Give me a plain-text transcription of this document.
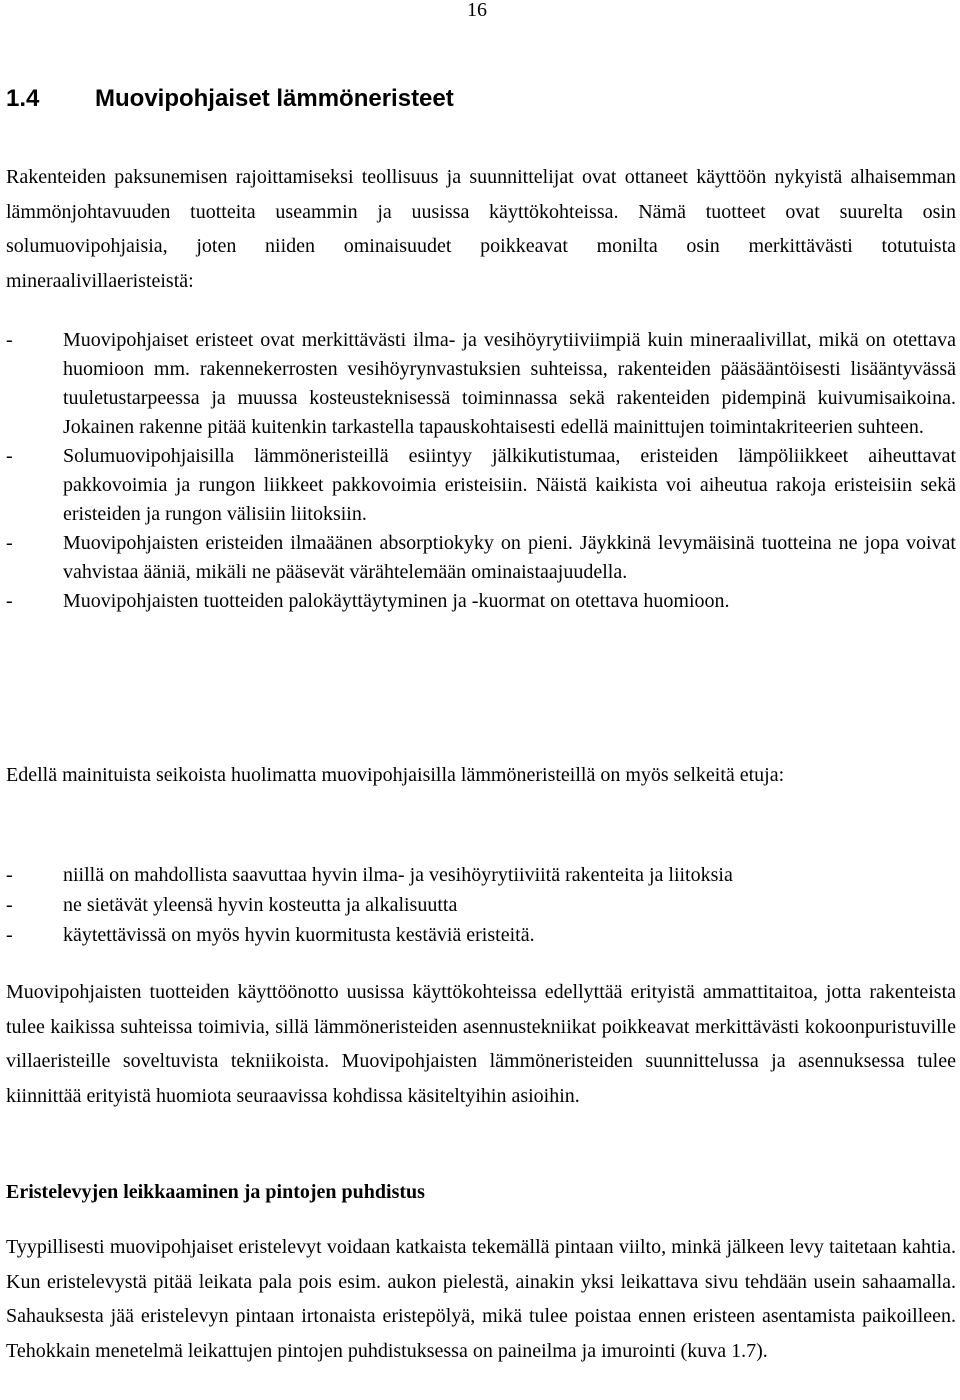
16
1.4 Muovipohjaiset lämmöneristeet

Rakenteiden paksunemisen rajoittamiseksi teollisuus ja suunnittelijat ovat ottaneet käyttöön nykyistä alhaisemman lämmönjohtavuuden tuotteita useammin ja uusissa käyttökohteissa. Nämä tuotteet ovat suurelta osin solumuovipohjaisia, joten niiden ominaisuudet poikkeavat monilta osin merkittävästi totutuista mineraalivillaeristeistä:

-	Muovipohjaiset eristeet ovat merkittävästi ilma- ja vesihöyrytiiviimpiä kuin mineraalivillat, mikä on otettava huomioon mm. rakennekerrosten vesihöyrynvastuksien suhteissa, rakenteiden pääsääntöisesti lisääntyvässä tuuletustarpeessa ja muussa kosteusteknisessä toiminnassa sekä rakenteiden pidempinä kuivumisaikoina. Jokainen rakenne pitää kuitenkin tarkastella tapauskohtaisesti edellä mainittujen toimintakriteerien suhteen.
-	Solumuovipohjaisilla lämmöneristeillä esiintyy jälkikutistumaa, eristeiden lämpöliikkeet aiheuttavat pakkovoimia ja rungon liikkeet pakkovoimia eristeisiin. Näistä kaikista voi aiheutua rakoja eristeisiin sekä eristeiden ja rungon välisiin liitoksiin.
-	Muovipohjaisten eristeiden ilmaäänen absorptiokyky on pieni. Jäykkinä levymäisinä tuotteina ne jopa voivat vahvistaa ääniä, mikäli ne pääsevät värähtelemään ominaistaajuudella.
-	Muovipohjaisten tuotteiden palokäyttäytyminen ja -kuormat on otettava huomioon.

Edellä mainituista seikoista huolimatta muovipohjaisilla lämmöneristeillä on myös selkeitä etuja:

-	niillä on mahdollista saavuttaa hyvin ilma- ja vesihöyrytiiviitä rakenteita ja liitoksia
-	ne sietävät yleensä hyvin kosteutta ja alkalisuutta
-	käytettävissä on myös hyvin kuormitusta kestäviä eristeitä.

Muovipohjaisten tuotteiden käyttöönotto uusissa käyttökohteissa edellyttää erityistä ammattitaitoa, jotta rakenteista tulee kaikissa suhteissa toimivia, sillä lämmöneristeiden asennustekniikat poikkeavat merkittävästi kokoonpuristuville villaeristeille soveltuvista tekniikoista. Muovipohjaisten lämmöneristeiden suunnittelussa ja asennuksessa tulee kiinnittää erityistä huomiota seuraavissa kohdissa käsiteltyihin asioihin.

Eristelevyjen leikkaaminen ja pintojen puhdistus

Tyypillisesti muovipohjaiset eristelevyt voidaan katkaista tekemällä pintaan viilto, minkä jälkeen levy taitetaan kahtia. Kun eristelevystä pitää leikata pala pois esim. aukon pielestä, ainakin yksi leikattava sivu tehdään usein sahaamalla. Sahauksesta jää eristelevyn pintaan irtonaista eristepölyä, mikä tulee poistaa ennen eristeen asentamista paikoilleen. Tehokkain menetelmä leikattujen pintojen puhdistuksessa on paineilma ja imurointi (kuva 1.7).
